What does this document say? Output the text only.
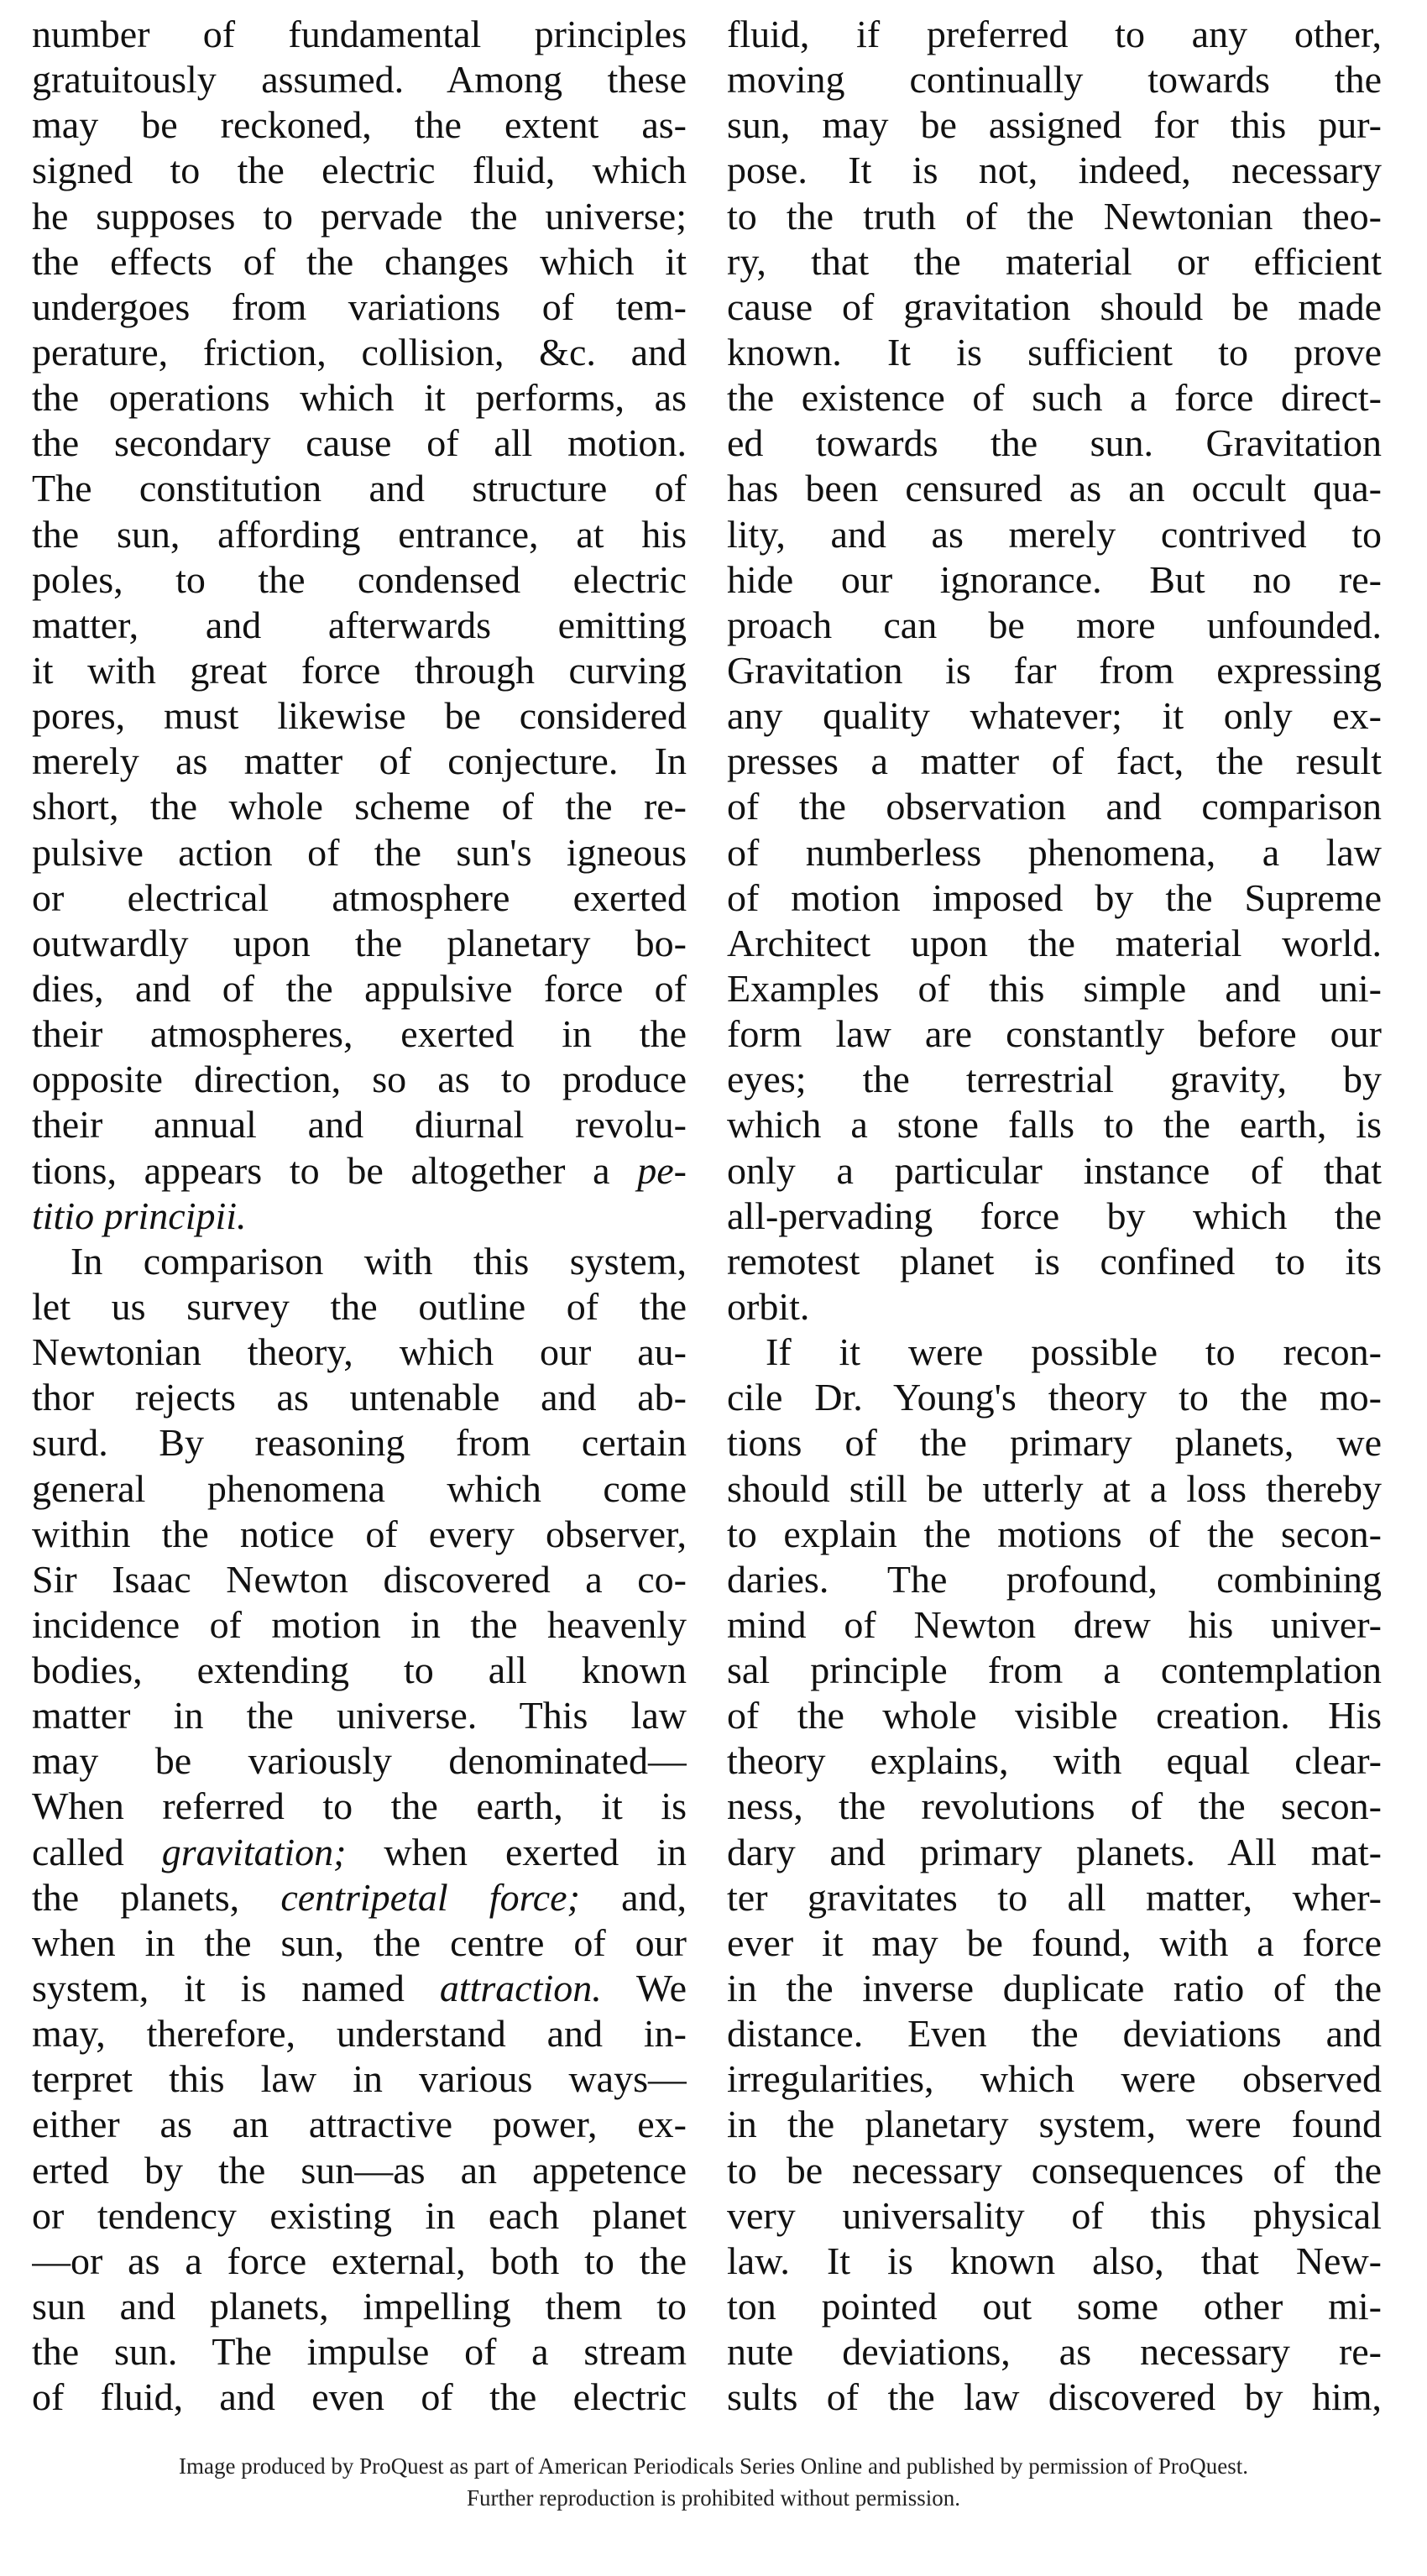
number of fundamental principles
gratuitously assumed. Among these
may be reckoned, the extent as-
signed to the electric fluid, which
he supposes to pervade the universe;
the effects of the changes which it
undergoes from variations of tem-
perature, friction, collision, &c. and
the operations which it performs, as
the secondary cause of all motion.
The constitution and structure of
the sun, affording entrance, at his
poles, to the condensed electric
matter, and afterwards emitting
it with great force through curving
pores, must likewise be considered
merely as matter of conjecture. In
short, the whole scheme of the re-
pulsive action of the sun's igneous
or electrical atmosphere exerted
outwardly upon the planetary bo-
dies, and of the appulsive force of
their atmospheres, exerted in the
opposite direction, so as to produce
their annual and diurnal revolu-
tions, appears to be altogether a pe-
titio principii.
In comparison with this system,
let us survey the outline of the
Newtonian theory, which our au-
thor rejects as untenable and ab-
surd. By reasoning from certain
general phenomena which come
within the notice of every observer,
Sir Isaac Newton discovered a co-
incidence of motion in the heavenly
bodies, extending to all known
matter in the universe. This law
may be variously denominated—
When referred to the earth, it is
called gravitation; when exerted in
the planets, centripetal force; and,
when in the sun, the centre of our
system, it is named attraction. We
may, therefore, understand and in-
terpret this law in various ways—
either as an attractive power, ex-
erted by the sun—as an appetence
or tendency existing in each planet
—or as a force external, both to the
sun and planets, impelling them to
the sun. The impulse of a stream
of fluid, and even of the electric
fluid, if preferred to any other,
moving continually towards the
sun, may be assigned for this pur-
pose. It is not, indeed, necessary
to the truth of the Newtonian theo-
ry, that the material or efficient
cause of gravitation should be made
known. It is sufficient to prove
the existence of such a force direct-
ed towards the sun. Gravitation
has been censured as an occult qua-
lity, and as merely contrived to
hide our ignorance. But no re-
proach can be more unfounded.
Gravitation is far from expressing
any quality whatever; it only ex-
presses a matter of fact, the result
of the observation and comparison
of numberless phenomena, a law
of motion imposed by the Supreme
Architect upon the material world.
Examples of this simple and uni-
form law are constantly before our
eyes; the terrestrial gravity, by
which a stone falls to the earth, is
only a particular instance of that
all-pervading force by which the
remotest planet is confined to its
orbit.
If it were possible to recon-
cile Dr. Young's theory to the mo-
tions of the primary planets, we
should still be utterly at a loss thereby
to explain the motions of the secon-
daries. The profound, combining
mind of Newton drew his univer-
sal principle from a contemplation
of the whole visible creation. His
theory explains, with equal clear-
ness, the revolutions of the secon-
dary and primary planets. All mat-
ter gravitates to all matter, wher-
ever it may be found, with a force
in the inverse duplicate ratio of the
distance. Even the deviations and
irregularities, which were observed
in the planetary system, were found
to be necessary consequences of the
very universality of this physical
law. It is known also, that New-
ton pointed out some other mi-
nute deviations, as necessary re-
sults of the law discovered by him,
Image produced by ProQuest as part of American Periodicals Series Online and published by permission of ProQuest.
Further reproduction is prohibited without permission.
